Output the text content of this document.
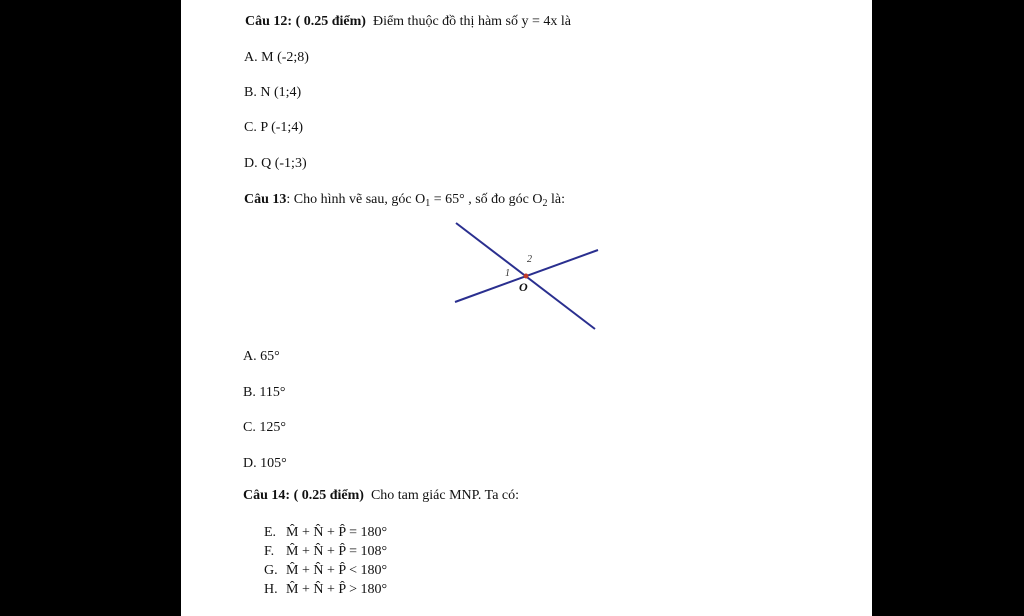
Câu 12: ( 0.25 điểm) Điểm thuộc đồ thị hàm số y = 4x là
A. M (-2;8)
B. N (1;4)
C. P (-1;4)
D. Q (-1;3)
Câu 13: Cho hình vẽ sau, góc $O_1 = 65^\circ$ , số đo góc $O_2$ là:
2
1
O
A. 65°
B. 115°
C. 125°
D. 105°
Câu 14: ( 0.25 điểm) Cho tam giác MNP. Ta có:
E. M̂ + N̂ + P̂ = 180°
F. M̂ + N̂ + P̂ = 108°
G. M̂ + N̂ + P̂ < 180°
H. M̂ + N̂ + P̂ > 180°
